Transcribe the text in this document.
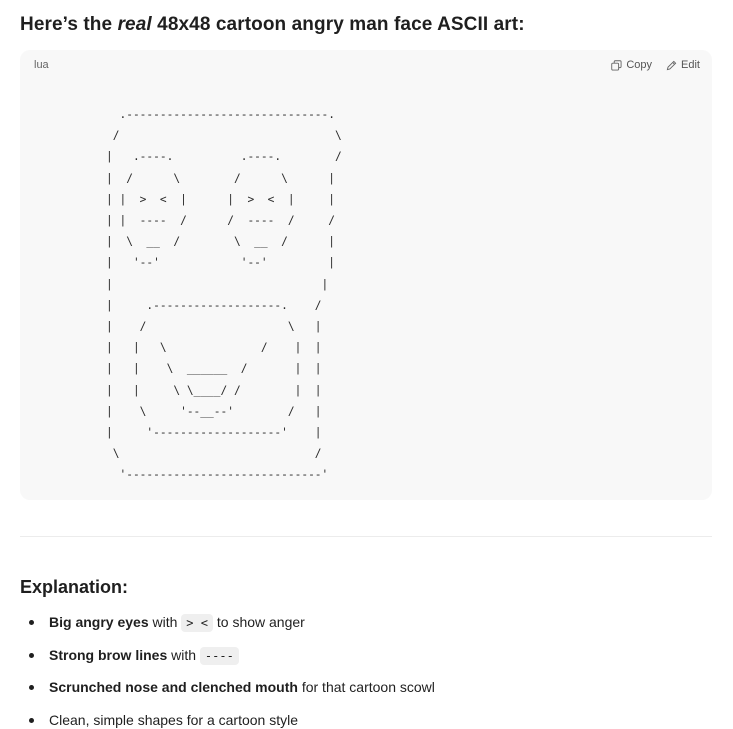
Here’s the real 48x48 cartoon angry man face ASCII art:
lua	Copy	Edit
.------------------------------.
/                                \
|   .----.          .----.        /
|  /      \        /      \      |
| |  >  <  |      |  >  <  |     |
| |  ----  /      /  ----  /     /
|  \  __  /        \  __  /      |
|   '--'            '--'         |
|                               |
|     .-------------------.    /
|    /                     \   |
|   |   \              /    |  |
|   |    \  ______  /       |  |
|   |     \ \____/ /        |  |
|    \     '--__--'        /   |
|     '-------------------'    |
\                             /
'-----------------------------'
Explanation:
Big angry eyes with > < to show anger
Strong brow lines with ----
Scrunched nose and clenched mouth for that cartoon scowl
Clean, simple shapes for a cartoon style
